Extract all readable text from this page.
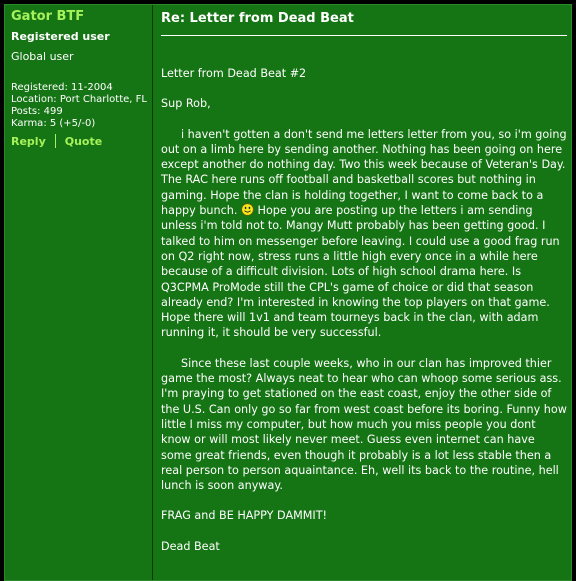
Gator BTF
Registered user
Global user
Registered: 11-2004
Location: Port Charlotte, FL
Posts: 499
Karma: 5 (+5/-0)
Reply Quote
Re: Letter from Dead Beat

Letter from Dead Beat #2

Sup Rob,

i haven't gotten a don't send me letters letter from you, so i'm going out on a limb here by sending another. Nothing has been going on here except another do nothing day. Two this week because of Veteran's Day. The RAC here runs off football and basketball scores but nothing in gaming. Hope the clan is holding together, I want to come back to a happy bunch. Hope you are posting up the letters i am sending unless i'm told not to. Mangy Mutt probably has been getting good. I talked to him on messenger before leaving. I could use a good frag run on Q2 right now, stress runs a little high every once in a while here because of a difficult division. Lots of high school drama here. Is Q3CPMA ProMode still the CPL's game of choice or did that season already end? I'm interested in knowing the top players on that game. Hope there will 1v1 and team tourneys back in the clan, with adam running it, it should be very successful.

Since these last couple weeks, who in our clan has improved thier game the most? Always neat to hear who can whoop some serious ass. I'm praying to get stationed on the east coast, enjoy the other side of the U.S. Can only go so far from west coast before its boring. Funny how little I miss my computer, but how much you miss people you dont know or will most likely never meet. Guess even internet can have some great friends, even though it probably is a lot less stable then a real person to person aquaintance. Eh, well its back to the routine, hell lunch is soon anyway.

FRAG and BE HAPPY DAMMIT!

Dead Beat
